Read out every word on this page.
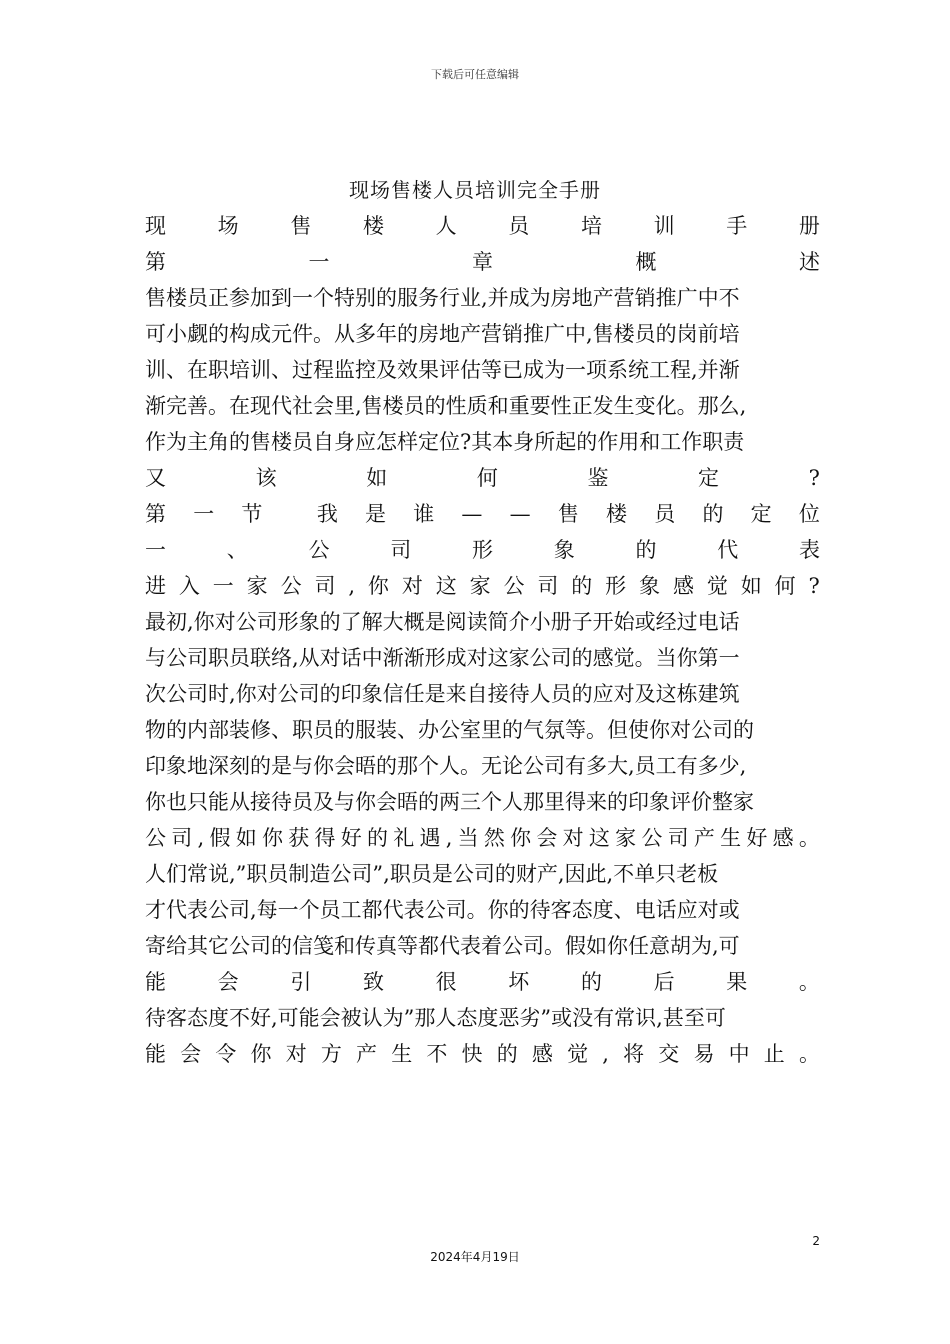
下载后可任意编辑
现场售楼人员培训完全手册
现 场 售 楼 人 员 培 训 手 册
第	一	章	概	述
售楼员正参加到一个特别的服务行业,并成为房地产营销推广中不
可小觑的构成元件。从多年的房地产营销推广中,售楼员的岗前培
训、在职培训、过程监控及效果评估等已成为一项系统工程,并渐
渐完善。在现代社会里,售楼员的性质和重要性正发生变化。那么,
作为主角的售楼员自身应怎样定位?其本身所起的作用和工作职责
又	该	如	何	鉴	定	?
第 一 节	我 是 谁 — — 售 楼 员 的 定 位
一	、	公	司	形	象	的	代	表
进 入 一 家 公 司 , 你 对 这 家 公 司 的 形 象 感 觉 如 何 ?
最初,你对公司形象的了解大概是阅读简介小册子开始或经过电话
与公司职员联络,从对话中渐渐形成对这家公司的感觉。当你第一
次公司时,你对公司的印象信任是来自接待人员的应对及这栋建筑
物的内部装修、职员的服装、办公室里的气氛等。但使你对公司的
印象地深刻的是与你会晤的那个人。无论公司有多大,员工有多少,
你也只能从接待员及与你会晤的两三个人那里得来的印象评价整家
公 司 , 假 如 你 获 得 好 的 礼 遇 , 当 然 你 会 对 这 家 公 司 产 生 好 感 。
人们常说,”职员制造公司”,职员是公司的财产,因此,不单只老板
才代表公司,每一个员工都代表公司。你的待客态度、电话应对或
寄给其它公司的信笺和传真等都代表着公司。假如你任意胡为,可
能 会 引 致 很 坏 的 后 果 。
待客态度不好,可能会被认为”那人态度恶劣”或没有常识,甚至可
能 会 令 你 对 方 产 生 不 快 的 感 觉 , 将 交 易 中 止 。
2
2024年4月19日
